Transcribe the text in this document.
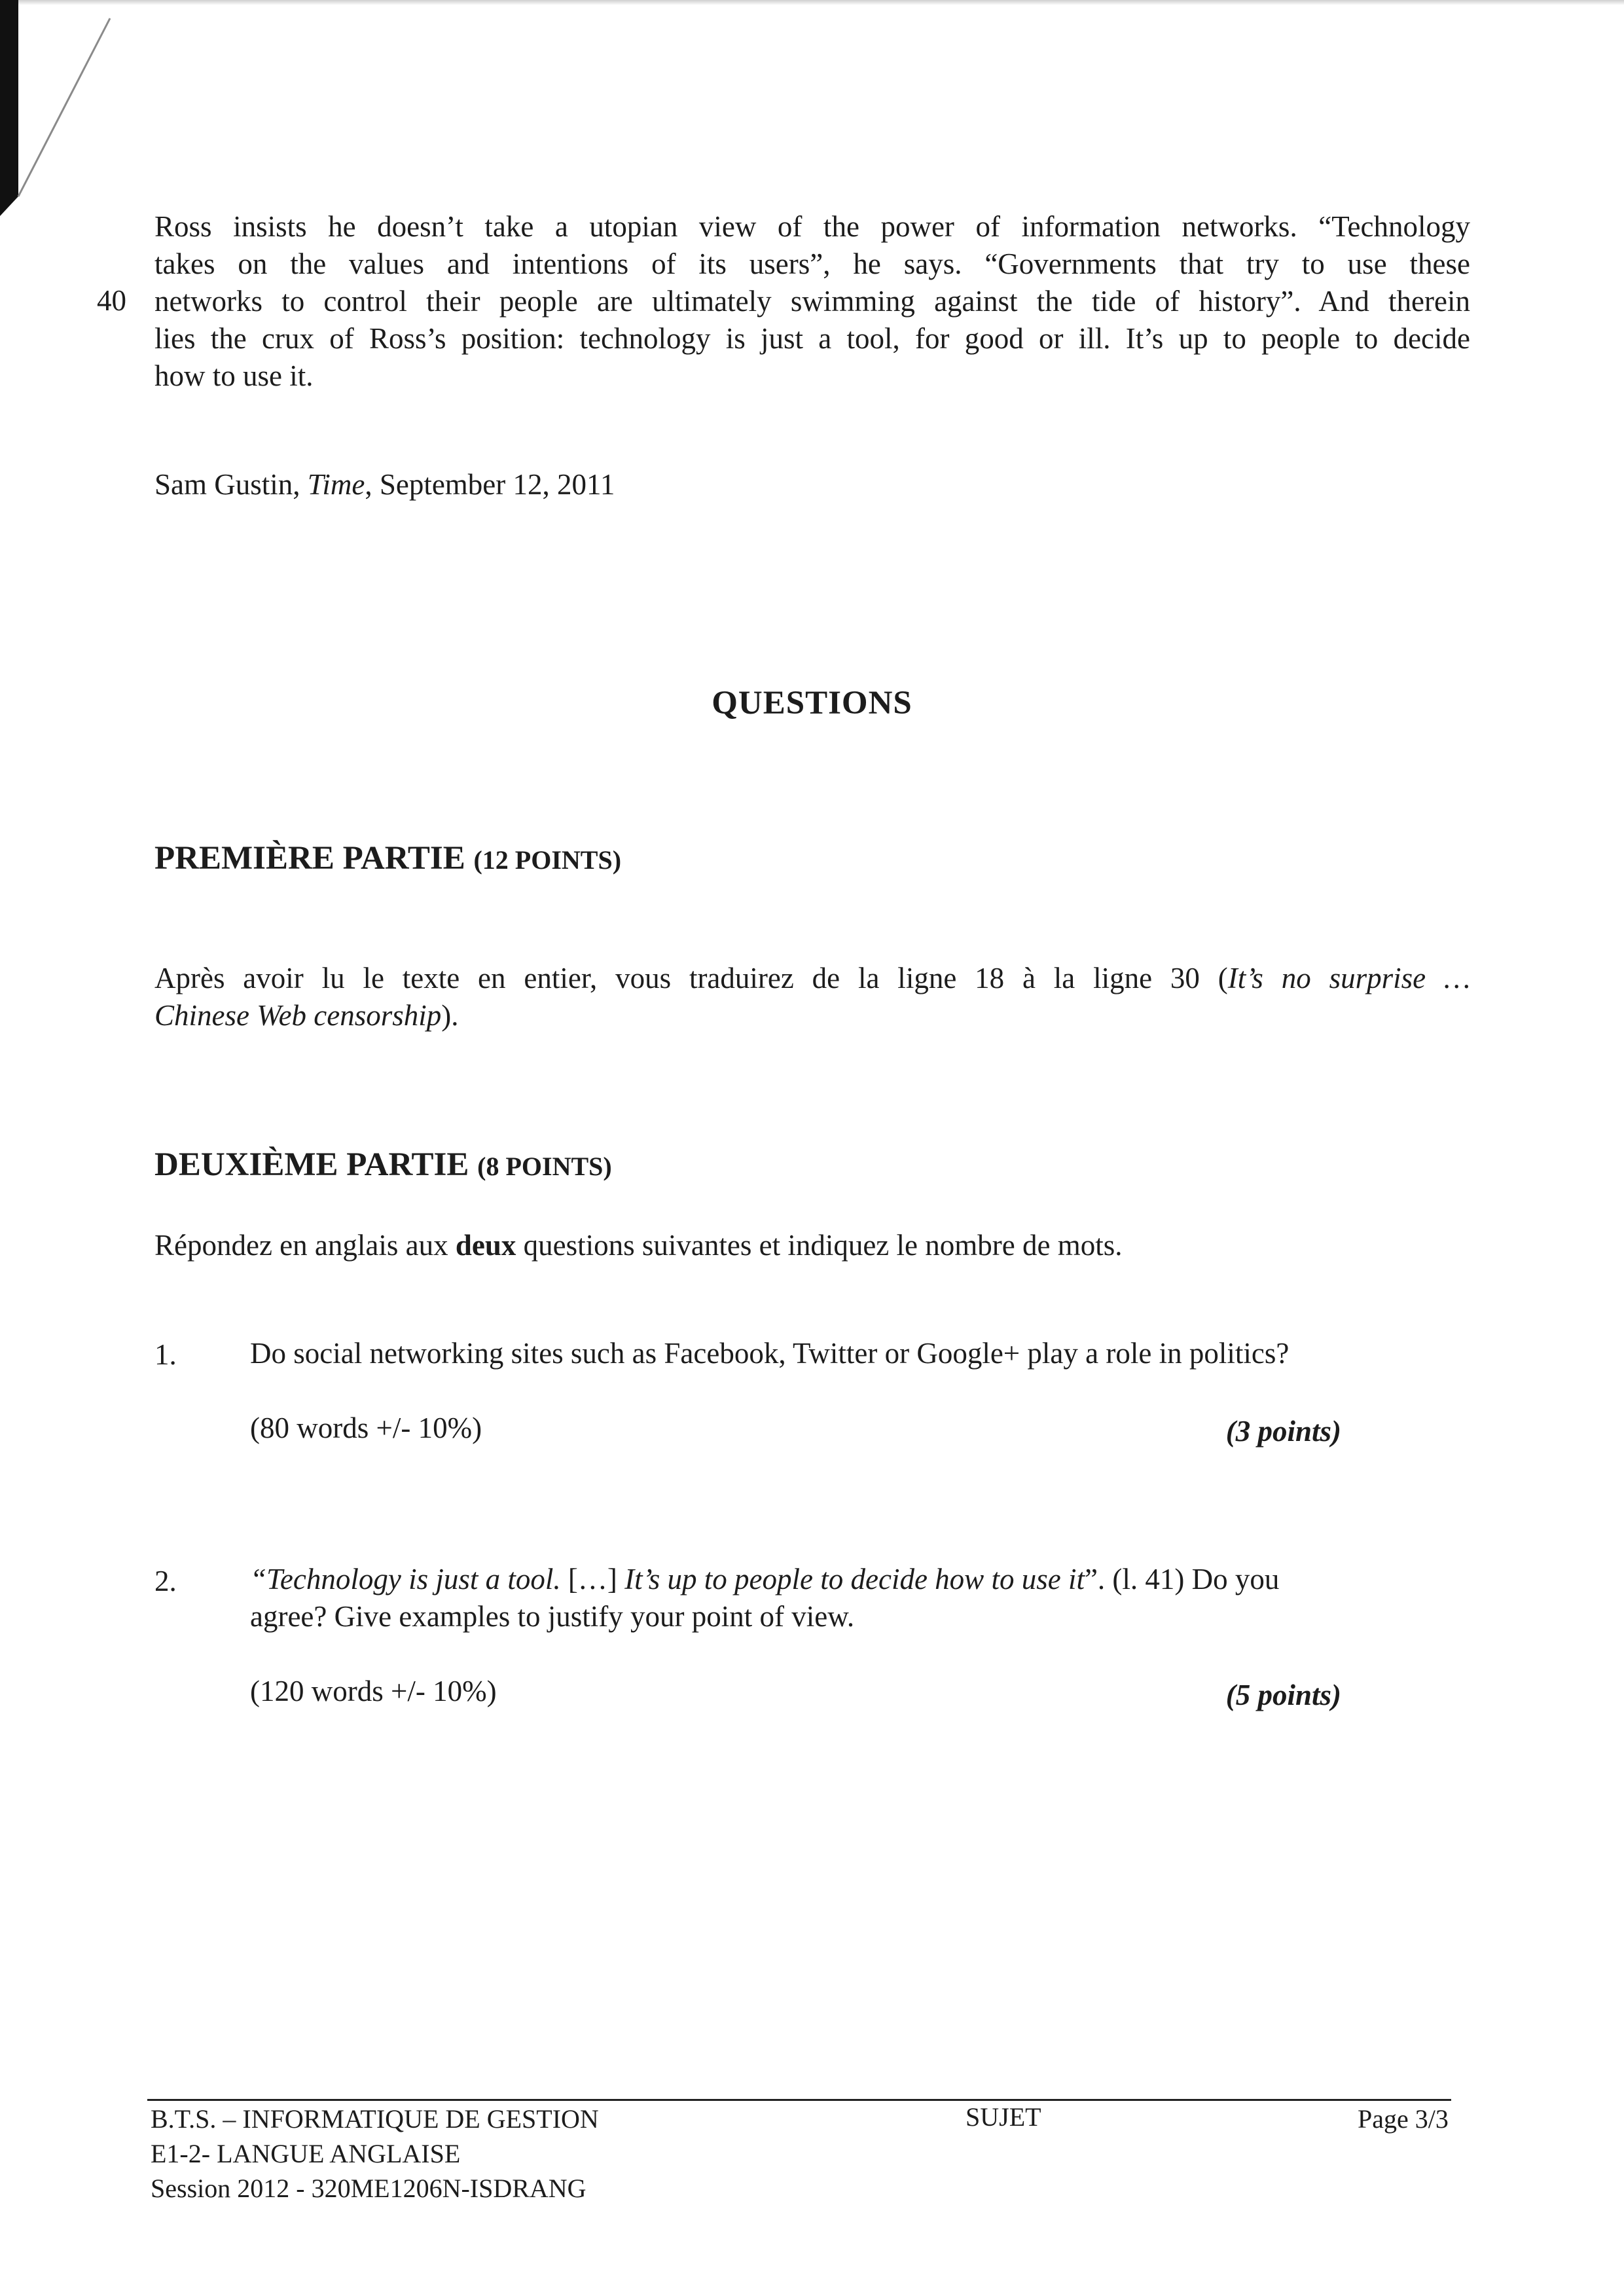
40
Ross insists he doesn’t take a utopian view of the power of information networks. “Technology
takes on the values and intentions of its users”, he says. “Governments that try to use these
networks to control their people are ultimately swimming against the tide of history”. And therein
lies the crux of Ross’s position: technology is just a tool, for good or ill. It’s up to people to decide
how to use it.
Sam Gustin, Time, September 12, 2011
QUESTIONS
PREMIÈRE PARTIE (12 POINTS)
Après avoir lu le texte en entier, vous traduirez de la ligne 18 à la ligne 30 (It’s no surprise …
Chinese Web censorship).
DEUXIÈME PARTIE (8 POINTS)
Répondez en anglais aux deux questions suivantes et indiquez le nombre de mots.
1. Do social networking sites such as Facebook, Twitter or Google+ play a role in politics?
(80 words +/- 10%)	(3 points)
2. “Technology is just a tool. […] It’s up to people to decide how to use it”. (l. 41) Do you
agree? Give examples to justify your point of view.
(120 words +/- 10%)	(5 points)
B.T.S. – INFORMATIQUE DE GESTION
E1-2- LANGUE ANGLAISE
Session 2012 - 320ME1206N-ISDRANG
SUJET	Page 3/3
